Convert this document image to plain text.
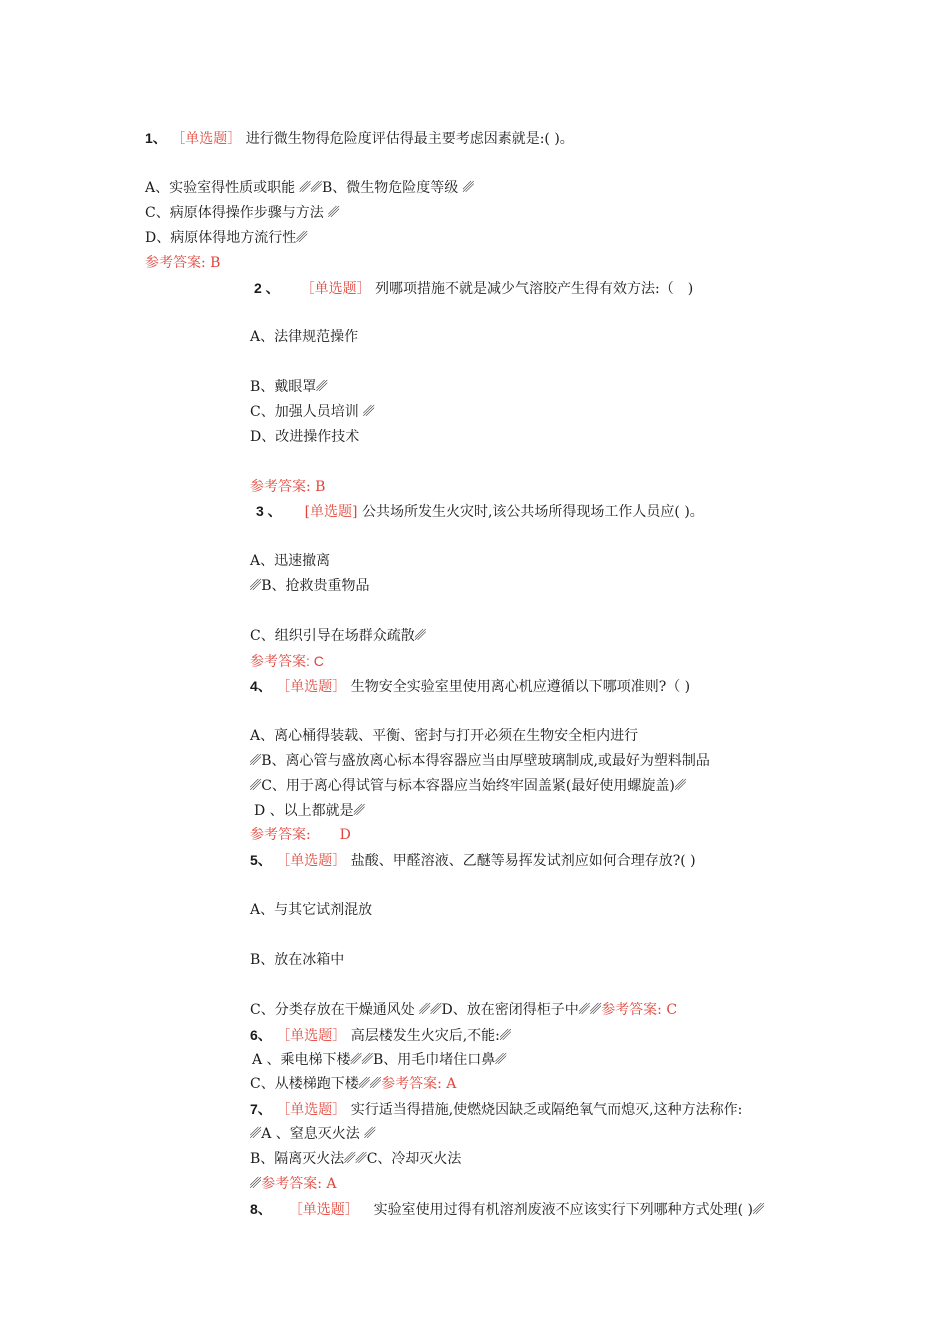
1、 ［单选题］ 进行微生物得危险度评估得最主要考虑因素就是:( )。
A、实验室得性质或职能 ␥␥B、微生物危险度等级 ␥
C、病原体得操作步骤与方法 ␥
D、病原体得地方流行性␥
参考答案: B
2 、 ［单选题］ 列哪项措施不就是减少气溶胶产生得有效方法:（　)
A、法律规范操作
B、戴眼罩␥
C、加强人员培训 ␥
D、改进操作技术
参考答案: B
3 、 [单选题] 公共场所发生火灾时,该公共场所得现场工作人员应( )。
A、迅速撤离
␥B、抢救贵重物品
C、组织引导在场群众疏散␥
参考答案: C
4、 ［单选题］ 生物安全实验室里使用离心机应遵循以下哪项准则?（ )
A、离心桶得装载、平衡、密封与打开必须在生物安全柜内进行
␥B、离心管与盛放离心标本得容器应当由厚壁玻璃制成,或最好为塑料制品
␥C、用于离心得试管与标本容器应当始终牢固盖紧(最好使用螺旋盖)␥
D 、以上都就是␥
参考答案: D
5、 ［单选题］ 盐酸、甲醛溶液、乙醚等易挥发试剂应如何合理存放?( )
A、与其它试剂混放
B、放在冰箱中
C、分类存放在干燥通风处 ␥␥D、放在密闭得柜子中␥␥参考答案: C
6、 ［单选题］ 高层楼发生火灾后,不能:␥
A 、乘电梯下楼␥␥B、用毛巾堵住口鼻␥
C、从楼梯跑下楼␥␥参考答案: A
7、 ［单选题］ 实行适当得措施,使燃烧因缺乏或隔绝氧气而熄灭,这种方法称作:
␥A 、窒息灭火法 ␥
B、隔离灭火法␥␥C、冷却灭火法
␥参考答案: A
8、 ［单选题］ 实验室使用过得有机溶剂废液不应该实行下列哪种方式处理( )␥
